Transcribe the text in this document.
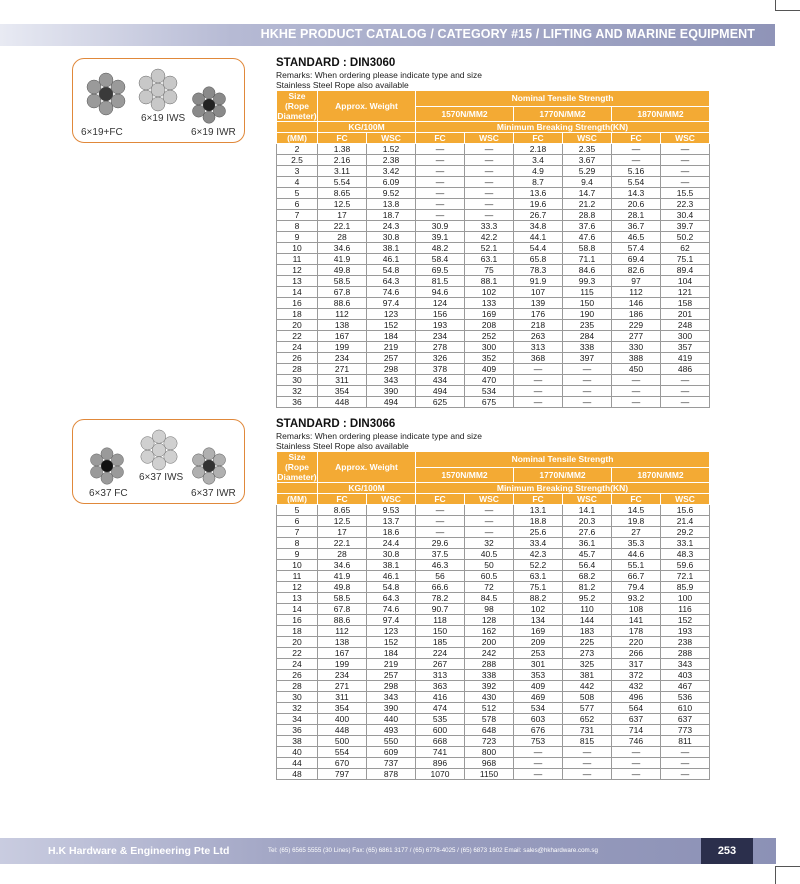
HKHE PRODUCT CATALOG / CATEGORY #15 / LIFTING AND MARINE EQUIPMENT
6×19+FC
6×19 IWS
6×19 IWR
6×37 FC
6×37 IWS
6×37 IWR
STANDARD : DIN3060
Remarks: When ordering please indicate type and size
Stainless Steel Rope also available
Size (Rope Diameter)	Approx. Weight		Nominal Tensile Strength					
			1570N/MM2		1770N/MM2		1870N/MM2	
	KG/100M		Minimum Breaking Strength(KN)					
(MM)	FC	WSC	FC	WSC	FC	WSC	FC	WSC
2	1.38	1.52	—	—	2.18	2.35	—	—
2.5	2.16	2.38	—	—	3.4	3.67	—	—
3	3.11	3.42	—	—	4.9	5.29	5.16	—
4	5.54	6.09	—	—	8.7	9.4	5.54	—
5	8.65	9.52	—	—	13.6	14.7	14.3	15.5
6	12.5	13.8	—	—	19.6	21.2	20.6	22.3
7	17	18.7	—	—	26.7	28.8	28.1	30.4
8	22.1	24.3	30.9	33.3	34.8	37.6	36.7	39.7
9	28	30.8	39.1	42.2	44.1	47.6	46.5	50.2
10	34.6	38.1	48.2	52.1	54.4	58.8	57.4	62
11	41.9	46.1	58.4	63.1	65.8	71.1	69.4	75.1
12	49.8	54.8	69.5	75	78.3	84.6	82.6	89.4
13	58.5	64.3	81.5	88.1	91.9	99.3	97	104
14	67.8	74.6	94.6	102	107	115	112	121
16	88.6	97.4	124	133	139	150	146	158
18	112	123	156	169	176	190	186	201
20	138	152	193	208	218	235	229	248
22	167	184	234	252	263	284	277	300
24	199	219	278	300	313	338	330	357
26	234	257	326	352	368	397	388	419
28	271	298	378	409	—	—	450	486
30	311	343	434	470	—	—	—	—
32	354	390	494	534	—	—	—	—
36	448	494	625	675	—	—	—	—
STANDARD : DIN3066
Remarks: When ordering please indicate type and size
Stainless Steel Rope also available
Size (Rope Diameter)	Approx. Weight		Nominal Tensile Strength					
			1570N/MM2		1770N/MM2		1870N/MM2	
	KG/100M		Minimum Breaking Strength(KN)					
(MM)	FC	WSC	FC	WSC	FC	WSC	FC	WSC
5	8.65	9.53	—	—	13.1	14.1	14.5	15.6
6	12.5	13.7	—	—	18.8	20.3	19.8	21.4
7	17	18.6	—	—	25.6	27.6	27	29.2
8	22.1	24.4	29.6	32	33.4	36.1	35.3	33.1
9	28	30.8	37.5	40.5	42.3	45.7	44.6	48.3
10	34.6	38.1	46.3	50	52.2	56.4	55.1	59.6
11	41.9	46.1	56	60.5	63.1	68.2	66.7	72.1
12	49.8	54.8	66.6	72	75.1	81.2	79.4	85.9
13	58.5	64.3	78.2	84.5	88.2	95.2	93.2	100
14	67.8	74.6	90.7	98	102	110	108	116
16	88.6	97.4	118	128	134	144	141	152
18	112	123	150	162	169	183	178	193
20	138	152	185	200	209	225	220	238
22	167	184	224	242	253	273	266	288
24	199	219	267	288	301	325	317	343
26	234	257	313	338	353	381	372	403
28	271	298	363	392	409	442	432	467
30	311	343	416	430	469	508	496	536
32	354	390	474	512	534	577	564	610
34	400	440	535	578	603	652	637	637
36	448	493	600	648	676	731	714	773
38	500	550	668	723	753	815	746	811
40	554	609	741	800	—	—	—	—
44	670	737	896	968	—	—	—	—
48	797	878	1070	1150	—	—	—	—
H.K Hardware & Engineering Pte Ltd	Tel: (65) 6565 5555 (30 Lines) Fax: (65) 6861 3177 / (65) 6778-4025 / (65) 6873 1602 Email: sales@hkhardware.com.sg	253
